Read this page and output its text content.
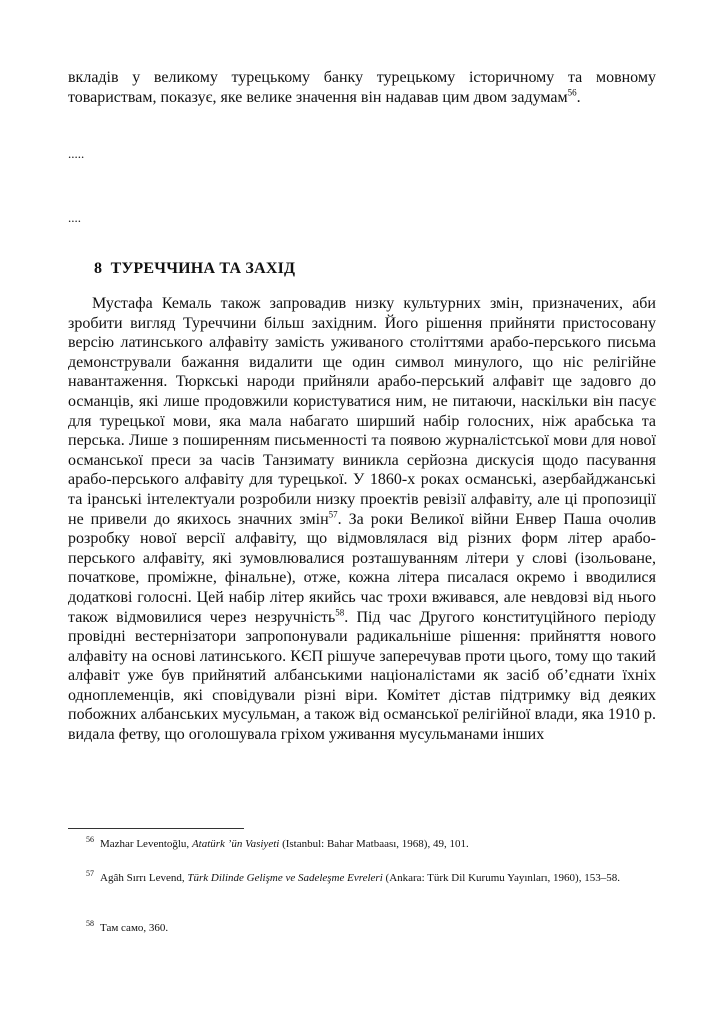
вкладів у великому турецькому банку турецькому історичному та мовному товариствам, показує, яке велике значення він надавав цим двом задумам$^{56}$.

.....

....

8 ТУРЕЧЧИНА ТА ЗАХІД

Мустафа Кемаль також запровадив низку культурних змін, призначених, аби зробити вигляд Туреччини більш західним. Його рішення прийняти пристосовану версію латинського алфавіту замість уживаного століттями арабо-перського письма демонстрували бажання видалити ще один символ минулого, що ніс релігійне навантаження. Тюркські народи прийняли арабо-перський алфавіт ще задовго до османців, які лише продовжили користуватися ним, не питаючи, наскільки він пасує для турецької мови, яка мала набагато ширший набір голосних, ніж арабська та перська. Лише з поширенням письменності та появою журналістської мови для нової османської преси за часів Танзимату виникла серйозна дискусія щодо пасування арабо-перського алфавіту для турецької. У 1860-х роках османські, азербайджанські та іранські інтелектуали розробили низку проектів ревізії алфавіту, але ці пропозиції не привели до якихось значних змін$^{57}$. За роки Великої війни Енвер Паша очолив розробку нової версії алфавіту, що відмовлялася від різних форм літер арабо-перського алфавіту, які зумовлювалися розташуванням літери у слові (ізольоване, початкове, проміжне, фінальне), отже, кожна літера писалася окремо і вводилися додаткові голосні. Цей набір літер якийсь час трохи вживався, але невдовзі від нього також відмовилися через незручність$^{58}$. Під час Другого конституційного періоду провідні вестернізатори запропонували радикальніше рішення: прийняття нового алфавіту на основі латинського. КЄП рішуче заперечував проти цього, тому що такий алфавіт уже був прийнятий албанськими націоналістами як засіб об’єднати їхніх одноплеменців, які сповідували різні віри. Комітет дістав підтримку від деяких побожних албанських мусульман, а також від османської релігійної влади, яка 1910 р. видала фетву, що оголошувала гріхом уживання мусульманами інших

$^{56}$ Mazhar Leventoğlu, Atatürk ’ün Vasiyeti (Istanbul: Bahar Matbaası, 1968), 49, 101.

$^{57}$ Agâh Sırrı Levend, Türk Dilinde Gelişme ve Sadeleşme Evreleri (Ankara: Türk Dil Kurumu Yayınları, 1960), 153–58.

$^{58}$ Там само, 360.
